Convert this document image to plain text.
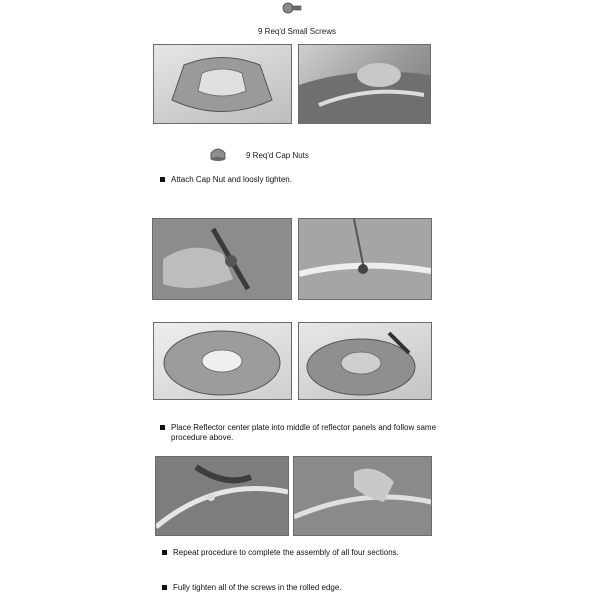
9 Req'd Small Screws
9 Req'd Cap Nuts
Attach Cap Nut and loosly tighten.
Place Reflector center plate into middle of reflector panels and follow same procedure above.
Repeat procedure to complete the assembly of all four sections.
Fully tighten all of the screws in the rolled edge.
